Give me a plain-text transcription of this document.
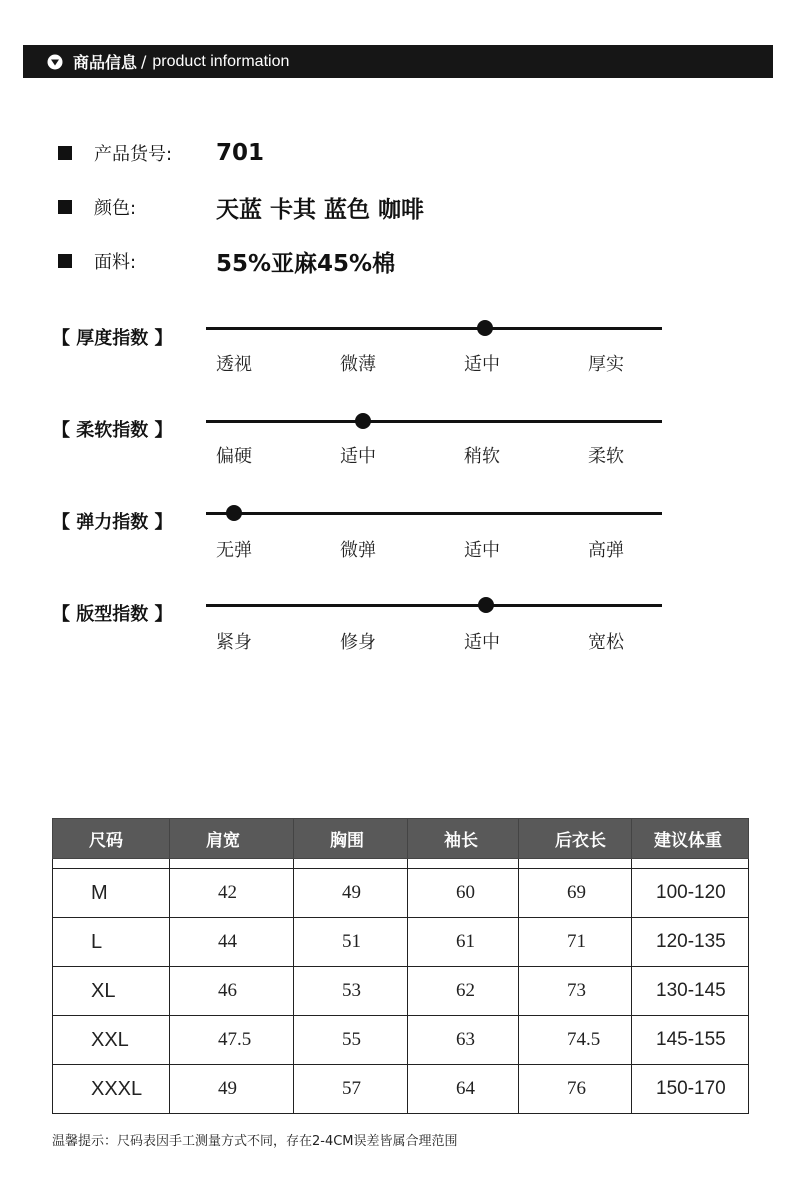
商品信息 / product information
产品货号:	701
颜色:	天蓝 卡其 蓝色 咖啡
面料:	55%亚麻45%棉
【 厚度指数 】
透视	微薄	适中	厚实
【 柔软指数 】
偏硬	适中	稍软	柔软
【 弹力指数 】
无弹	微弹	适中	高弹
【 版型指数 】
紧身	修身	适中	宽松
尺码	肩宽	胸围	袖长	后衣长	建议体重

M	42	49	60	69	100-120
L	44	51	61	71	120-135
XL	46	53	62	73	130-145
XXL	47.5	55	63	74.5	145-155
XXXL	49	57	64	76	150-170
温馨提示：尺码表因手工测量方式不同，存在2-4CM误差皆属合理范围
